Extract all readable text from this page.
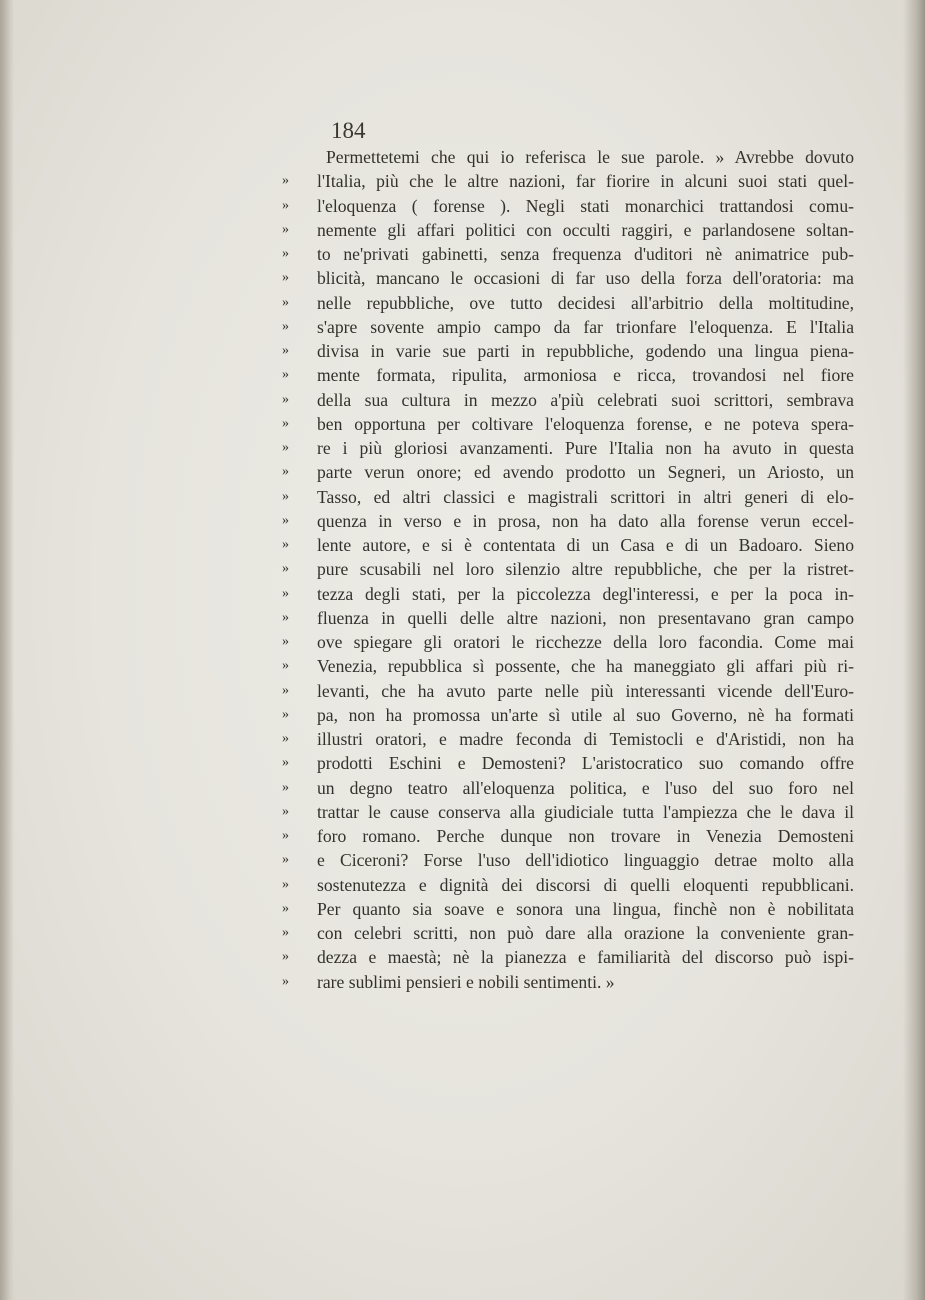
184
Permettetemi che qui io referisca le sue parole. » Avrebbe dovuto
»	l'Italia, più che le altre nazioni, far fiorire in alcuni suoi stati quel-
»	l'eloquenza ( forense ). Negli stati monarchici trattandosi comu-
»	nemente gli affari politici con occulti raggiri, e parlandosene soltan-
»	to ne'privati gabinetti, senza frequenza d'uditori nè animatrice pub-
»	blicità, mancano le occasioni di far uso della forza dell'oratoria: ma
»	nelle repubbliche, ove tutto decidesi all'arbitrio della moltitudine,
»	s'apre sovente ampio campo da far trionfare l'eloquenza. E l'Italia
»	divisa in varie sue parti in repubbliche, godendo una lingua piena-
»	mente formata, ripulita, armoniosa e ricca, trovandosi nel fiore
»	della sua cultura in mezzo a'più celebrati suoi scrittori, sembrava
»	ben opportuna per coltivare l'eloquenza forense, e ne poteva spera-
»	re i più gloriosi avanzamenti. Pure l'Italia non ha avuto in questa
»	parte verun onore; ed avendo prodotto un Segneri, un Ariosto, un
»	Tasso, ed altri classici e magistrali scrittori in altri generi di elo-
»	quenza in verso e in prosa, non ha dato alla forense verun eccel-
»	lente autore, e si è contentata di un Casa e di un Badoaro. Sieno
»	pure scusabili nel loro silenzio altre repubbliche, che per la ristret-
»	tezza degli stati, per la piccolezza degl'interessi, e per la poca in-
»	fluenza in quelli delle altre nazioni, non presentavano gran campo
»	ove spiegare gli oratori le ricchezze della loro facondia. Come mai
»	Venezia, repubblica sì possente, che ha maneggiato gli affari più ri-
»	levanti, che ha avuto parte nelle più interessanti vicende dell'Euro-
»	pa, non ha promossa un'arte sì utile al suo Governo, nè ha formati
»	illustri oratori, e madre feconda di Temistocli e d'Aristidi, non ha
»	prodotti Eschini e Demosteni? L'aristocratico suo comando offre
»	un degno teatro all'eloquenza politica, e l'uso del suo foro nel
»	trattar le cause conserva alla giudiciale tutta l'ampiezza che le dava il
»	foro romano. Perche dunque non trovare in Venezia Demosteni
»	e Ciceroni? Forse l'uso dell'idiotico linguaggio detrae molto alla
»	sostenutezza e dignità dei discorsi di quelli eloquenti repubblicani.
»	Per quanto sia soave e sonora una lingua, finchè non è nobilitata
»	con celebri scritti, non può dare alla orazione la conveniente gran-
»	dezza e maestà; nè la pianezza e familiarità del discorso può ispi-
»	rare sublimi pensieri e nobili sentimenti. »
